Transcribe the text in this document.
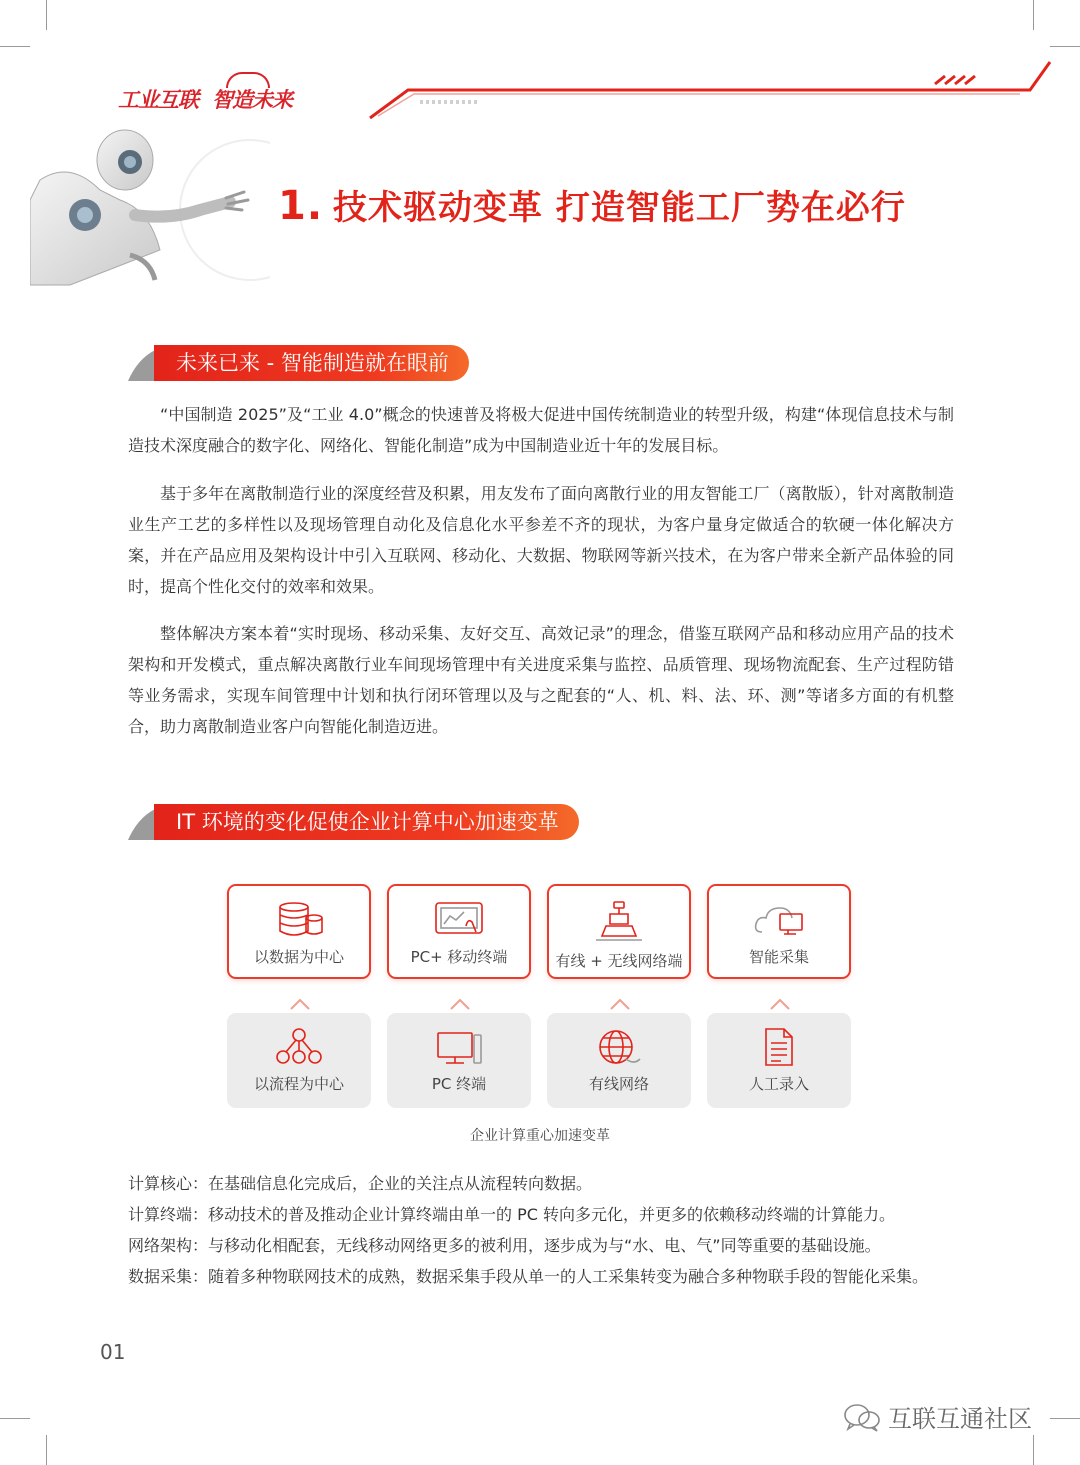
工业互联 智造未来
1. 技术驱动变革 打造智能工厂势在必行
未来已来 - 智能制造就在眼前
“中国制造 2025”及“工业 4.0”概念的快速普及将极大促进中国传统制造业的转型升级，构建“体现信息技术与制造技术深度融合的数字化、网络化、智能化制造”成为中国制造业近十年的发展目标。
基于多年在离散制造行业的深度经营及积累，用友发布了面向离散行业的用友智能工厂（离散版），针对离散制造业生产工艺的多样性以及现场管理自动化及信息化水平参差不齐的现状，为客户量身定做适合的软硬一体化解决方案，并在产品应用及架构设计中引入互联网、移动化、大数据、物联网等新兴技术，在为客户带来全新产品体验的同时，提高个性化交付的效率和效果。
整体解决方案本着“实时现场、移动采集、友好交互、高效记录”的理念，借鉴互联网产品和移动应用产品的技术架构和开发模式，重点解决离散行业车间现场管理中有关进度采集与监控、品质管理、现场物流配套、生产过程防错等业务需求，实现车间管理中计划和执行闭环管理以及与之配套的“人、机、料、法、环、测”等诸多方面的有机整合，助力离散制造业客户向智能化制造迈进。
IT 环境的变化促使企业计算中心加速变革
以数据为中心	PC+ 移动终端	有线 + 无线网络端	智能采集
以流程为中心	PC 终端	有线网络	人工录入
企业计算重心加速变革
计算核心：在基础信息化完成后，企业的关注点从流程转向数据。
计算终端：移动技术的普及推动企业计算终端由单一的 PC 转向多元化，并更多的依赖移动终端的计算能力。
网络架构：与移动化相配套，无线移动网络更多的被利用，逐步成为与“水、电、气”同等重要的基础设施。
数据采集：随着多种物联网技术的成熟，数据采集手段从单一的人工采集转变为融合多种物联手段的智能化采集。
01
互联互通社区
